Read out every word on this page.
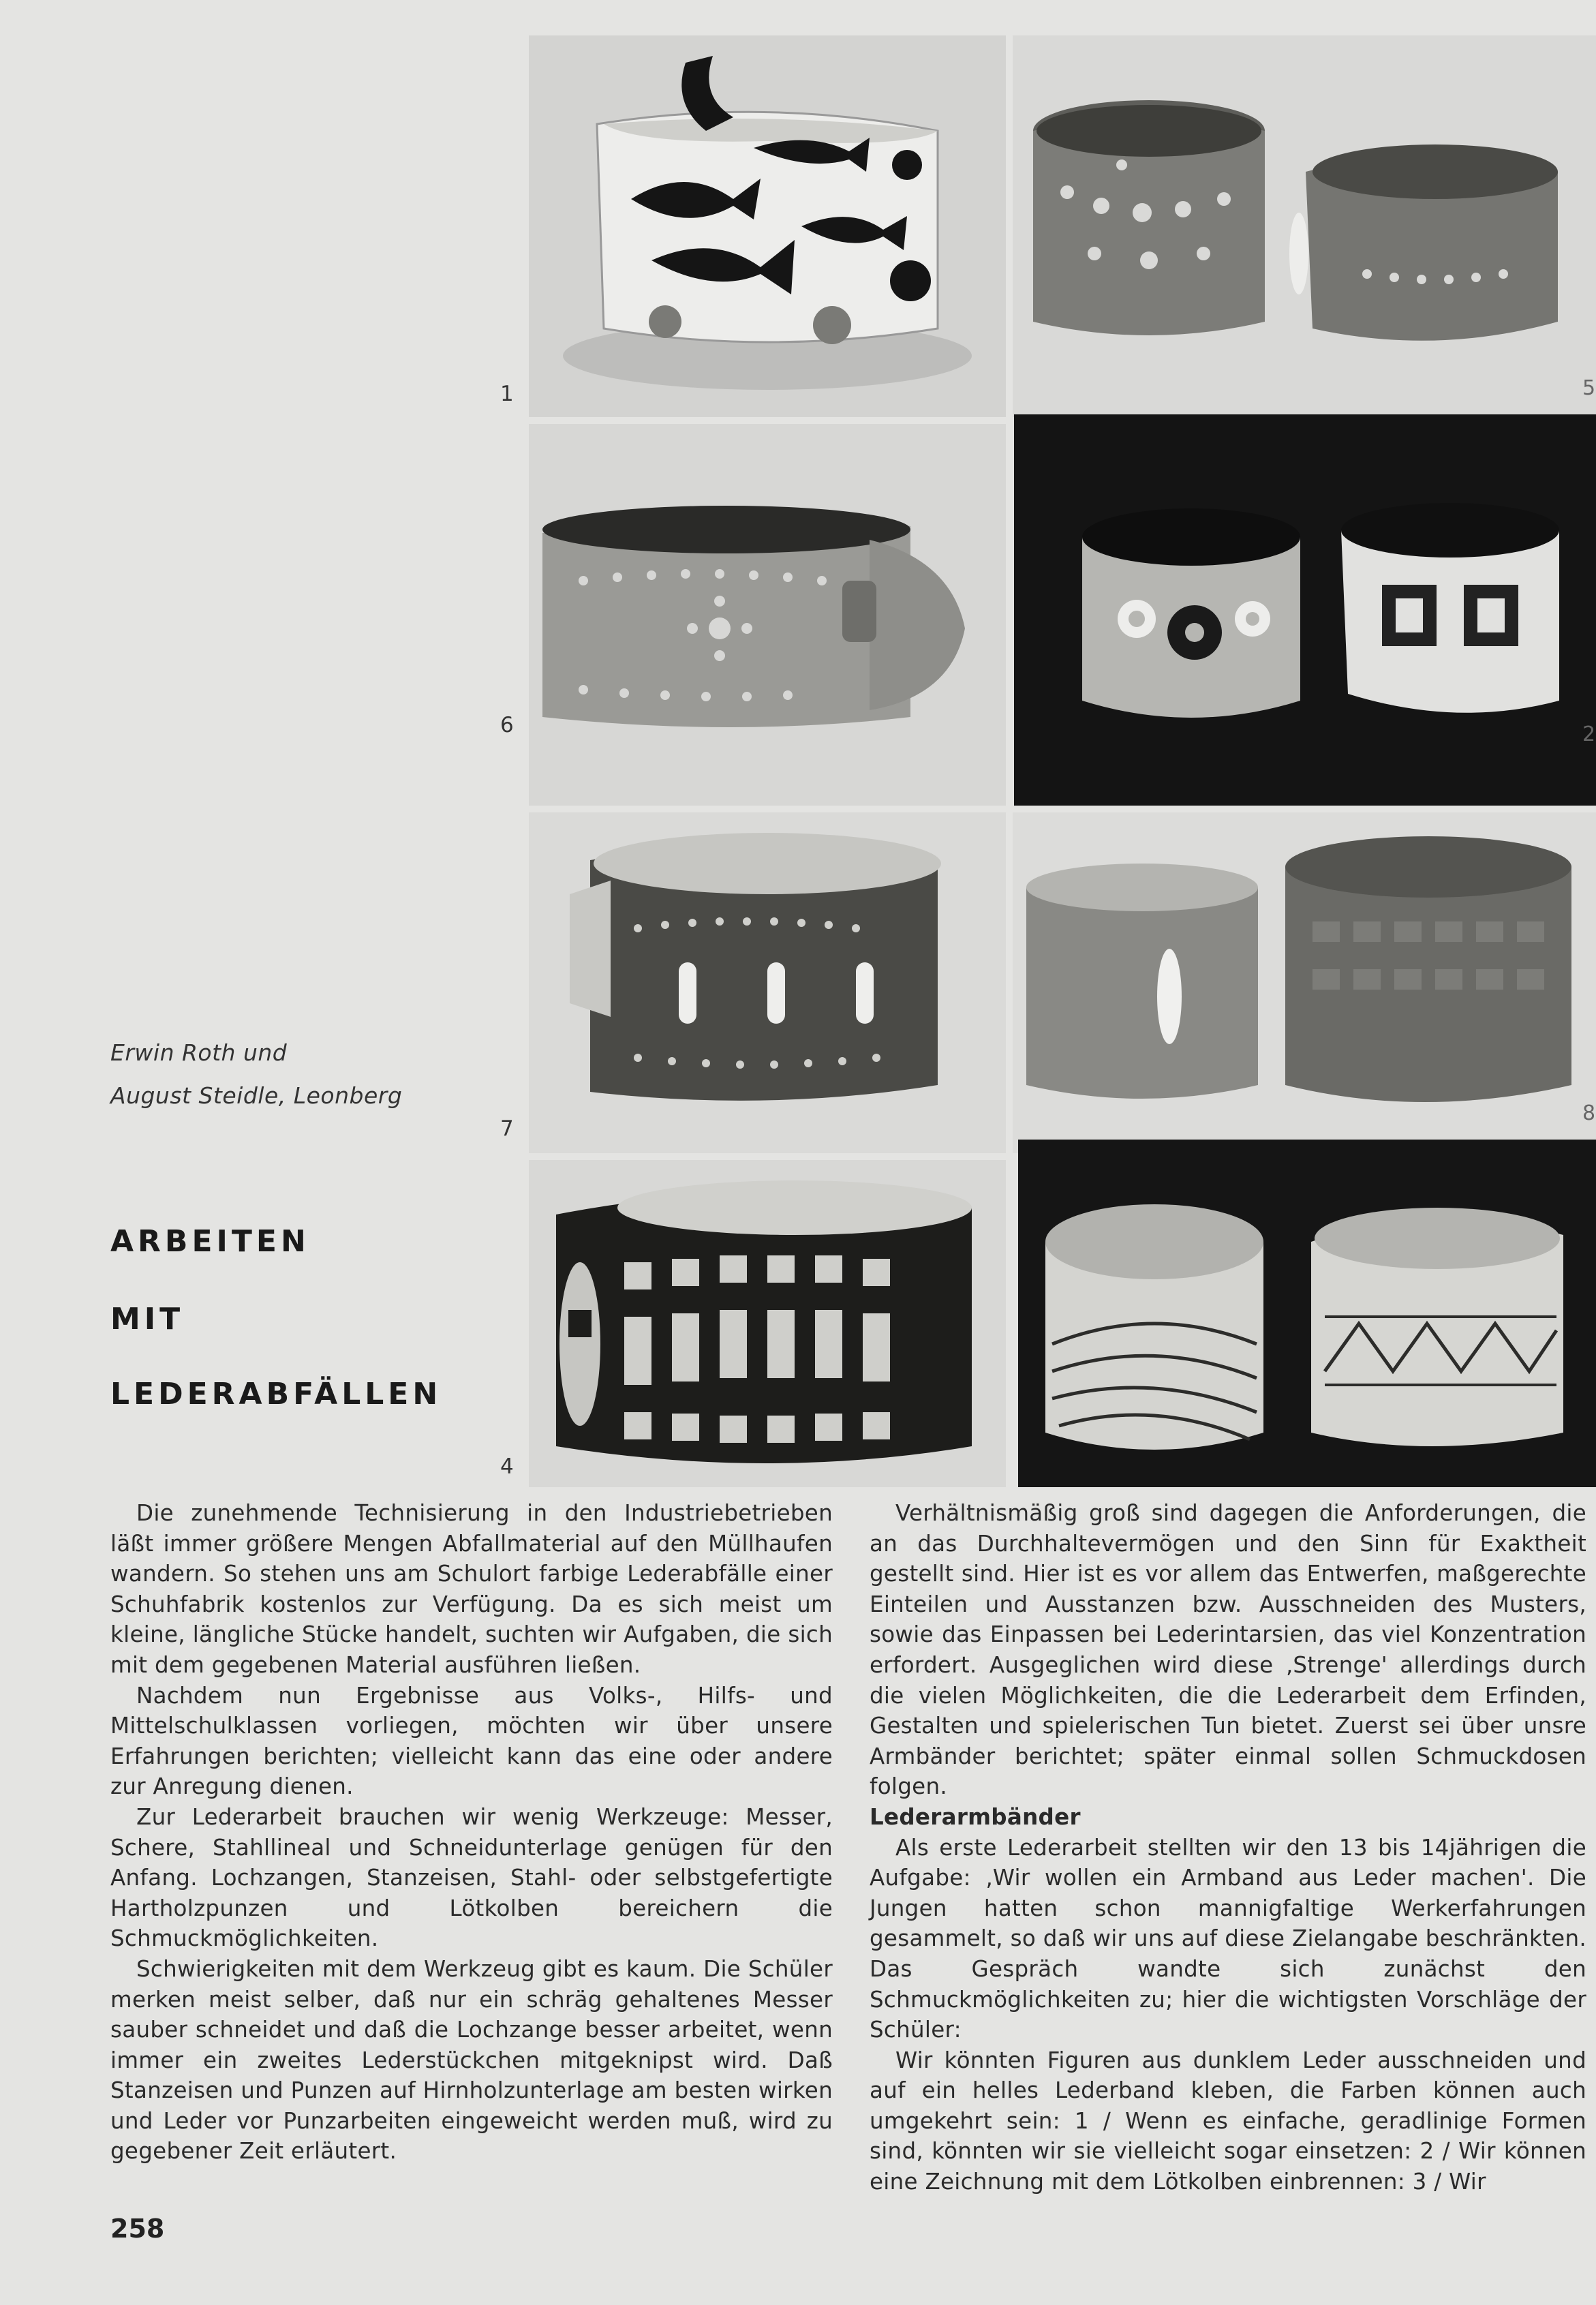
1
6
7
4
5
2
8
Erwin Roth und
August Steidle, Leonberg
ARBEITEN
MIT
LEDERABFÄLLEN

Die zunehmende Technisierung in den Industriebetrieben läßt immer größere Mengen Abfallmaterial auf den Müllhaufen wandern. So stehen uns am Schulort farbige Lederabfälle einer Schuhfabrik kostenlos zur Verfügung. Da es sich meist um kleine, längliche Stücke handelt, suchten wir Aufgaben, die sich mit dem gegebenen Material ausführen ließen.

Nachdem nun Ergebnisse aus Volks-, Hilfs- und Mittelschulklassen vorliegen, möchten wir über unsere Erfahrungen berichten; vielleicht kann das eine oder andere zur Anregung dienen.

Zur Lederarbeit brauchen wir wenig Werkzeuge: Messer, Schere, Stahllineal und Schneidunterlage genügen für den Anfang. Lochzangen, Stanzeisen, Stahl- oder selbstgefertigte Hartholzpunzen und Lötkolben bereichern die Schmuckmöglichkeiten.

Schwierigkeiten mit dem Werkzeug gibt es kaum. Die Schüler merken meist selber, daß nur ein schräg gehaltenes Messer sauber schneidet und daß die Lochzange besser arbeitet, wenn immer ein zweites Lederstückchen mitgeknipst wird. Daß Stanzeisen und Punzen auf Hirnholzunterlage am besten wirken und Leder vor Punzarbeiten eingeweicht werden muß, wird zu gegebener Zeit erläutert.

Verhältnismäßig groß sind dagegen die Anforderungen, die an das Durchhaltevermögen und den Sinn für Exaktheit gestellt sind. Hier ist es vor allem das Entwerfen, maßgerechte Einteilen und Ausstanzen bzw. Ausschneiden des Musters, sowie das Einpassen bei Lederintarsien, das viel Konzentration erfordert. Ausgeglichen wird diese ‚Strenge' allerdings durch die vielen Möglichkeiten, die die Lederarbeit dem Erfinden, Gestalten und spielerischen Tun bietet. Zuerst sei über unsre Armbänder berichtet; später einmal sollen Schmuckdosen folgen.

Lederarmbänder

Als erste Lederarbeit stellten wir den 13 bis 14jährigen die Aufgabe: ‚Wir wollen ein Armband aus Leder machen'. Die Jungen hatten schon mannigfaltige Werkerfahrungen gesammelt, so daß wir uns auf diese Zielangabe beschränkten. Das Gespräch wandte sich zunächst den Schmuckmöglichkeiten zu; hier die wichtigsten Vorschläge der Schüler:

Wir könnten Figuren aus dunklem Leder ausschneiden und auf ein helles Lederband kleben, die Farben können auch umgekehrt sein: 1 / Wenn es einfache, geradlinige Formen sind, könnten wir sie vielleicht sogar einsetzen: 2 / Wir können eine Zeichnung mit dem Lötkolben einbrennen: 3 / Wir

258
